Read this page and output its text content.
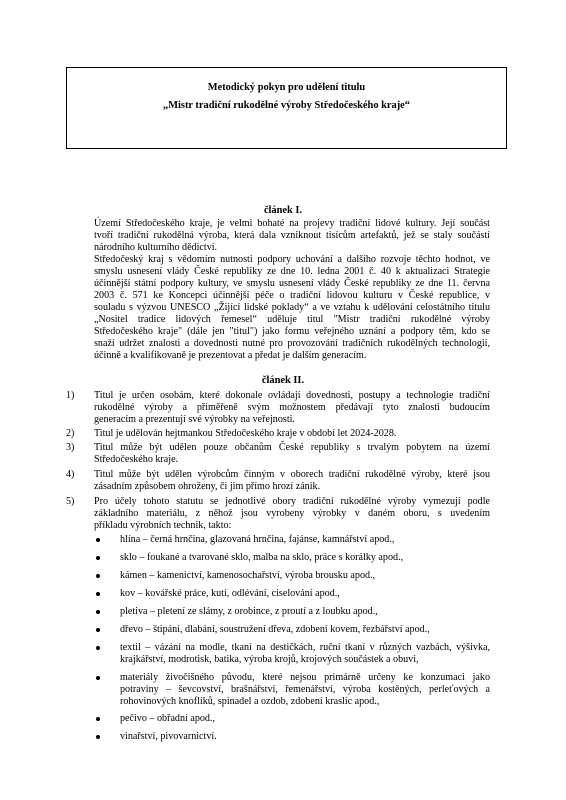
Metodický pokyn pro udělení titulu
„Mistr tradiční rukodělné výroby Středočeského kraje“
článek I.
Území Středočeského kraje, je velmi bohaté na projevy tradiční lidové kultury. Její součást
tvoří tradiční rukodělná výroba, která dala vzniknout tisícům artefaktů, jež se staly součástí
národního kulturního dědictví.
Středočeský kraj s vědomím nutnosti podpory uchování a dalšího rozvoje těchto hodnot, ve
smyslu usnesení vlády České republiky ze dne 10. ledna 2001 č. 40 k aktualizaci Strategie
účinnější státní podpory kultury, ve smyslu usnesení vlády České republiky ze dne 11. června
2003 č. 571 ke Koncepci účinnější péče o tradiční lidovou kulturu v České republice, v
souladu s výzvou UNESCO „Žijící lidské poklady“ a ve vztahu k udělování celostátního titulu
„Nositel tradice lidových řemesel“ uděluje titul "Mistr tradiční rukodělné výroby
Středočeského kraje" (dále jen "titul") jako formu veřejného uznání a podpory těm, kdo se
snaží udržet znalosti a dovednosti nutné pro provozování tradičních rukodělných technologií,
účinně a kvalifikovaně je prezentovat a předat je dalším generacím.
článek II.
1) Titul je určen osobám, které dokonale ovládají dovednosti, postupy a technologie tradiční
rukodělné výroby a přiměřeně svým možnostem předávají tyto znalosti budoucím
generacím a prezentují své výrobky na veřejnosti.
2) Titul je udělován hejtmankou Středočeského kraje v období let 2024-2028.
3) Titul může být udělen pouze občanům České republiky s trvalým pobytem na území
Středočeského kraje.
4) Titul může být udělen výrobcům činným v oborech tradiční rukodělné výroby, které jsou
zásadním způsobem ohroženy, či jim přímo hrozí zánik.
5) Pro účely tohoto statutu se jednotlivé obory tradiční rukodělné výroby vymezují podle
základního materiálu, z něhož jsou vyrobeny výrobky v daném oboru, s uvedením
příkladu výrobních technik, takto:
hlína – černá hrnčina, glazovaná hrnčina, fajánse, kamnářství apod.,
sklo – foukané a tvarované sklo, malba na sklo, práce s korálky apod.,
kámen – kamenictví, kamenosochařství, výroba brousku apod.,
kov – kovářské práce, kutí, odlévání, ciselování apod.,
pletiva – pletení ze slámy, z orobince, z proutí a z loubku apod.,
dřevo – štípání, dlabání, soustružení dřeva, zdobení kovem, řezbářství apod.,
textil – vázání na modle, tkaní na destičkách, ruční tkaní v různých vazbách, výšivka,
krajkářství, modrotisk, batika, výroba krojů, krojových součástek a obuvi,
materiály živočišného původu, které nejsou primárně určeny ke konzumaci jako
potraviny – ševcovství, brašnářství, řemenářství, výroba kostěných, perleťových a
rohovinových knoflíků, spínadel a ozdob, zdobení kraslic apod.,
pečivo – obřadní apod.,
vinařství, pivovarnictví.
